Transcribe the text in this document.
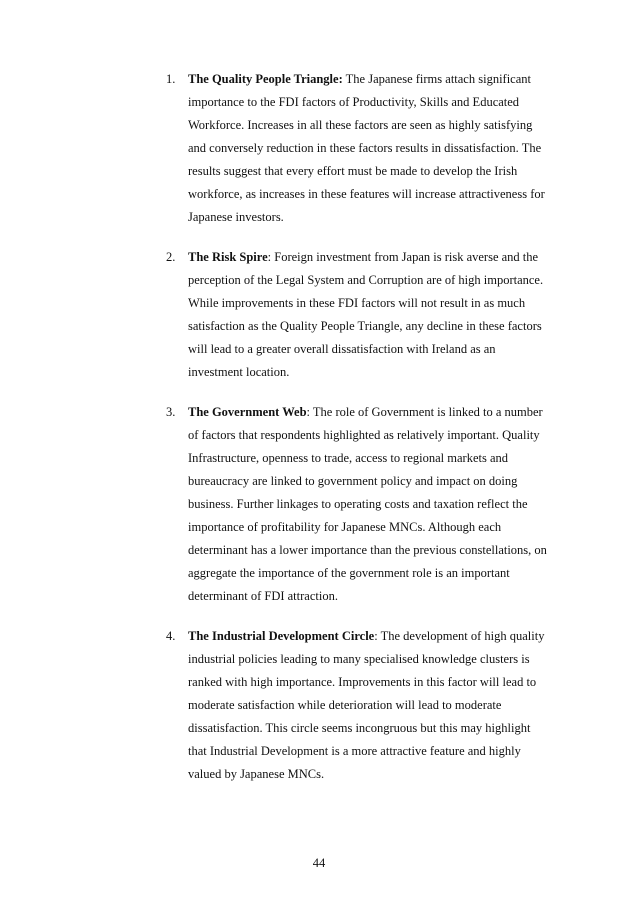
1. The Quality People Triangle: The Japanese firms attach significant
importance to the FDI factors of Productivity, Skills and Educated
Workforce. Increases in all these factors are seen as highly satisfying
and conversely reduction in these factors results in dissatisfaction. The
results suggest that every effort must be made to develop the Irish
workforce, as increases in these features will increase attractiveness for
Japanese investors.
2. The Risk Spire: Foreign investment from Japan is risk averse and the
perception of the Legal System and Corruption are of high importance.
While improvements in these FDI factors will not result in as much
satisfaction as the Quality People Triangle, any decline in these factors
will lead to a greater overall dissatisfaction with Ireland as an
investment location.
3. The Government Web: The role of Government is linked to a number
of factors that respondents highlighted as relatively important. Quality
Infrastructure, openness to trade, access to regional markets and
bureaucracy are linked to government policy and impact on doing
business. Further linkages to operating costs and taxation reflect the
importance of profitability for Japanese MNCs. Although each
determinant has a lower importance than the previous constellations, on
aggregate the importance of the government role is an important
determinant of FDI attraction.
4. The Industrial Development Circle: The development of high quality
industrial policies leading to many specialised knowledge clusters is
ranked with high importance. Improvements in this factor will lead to
moderate satisfaction while deterioration will lead to moderate
dissatisfaction. This circle seems incongruous but this may highlight
that Industrial Development is a more attractive feature and highly
valued by Japanese MNCs.
44
